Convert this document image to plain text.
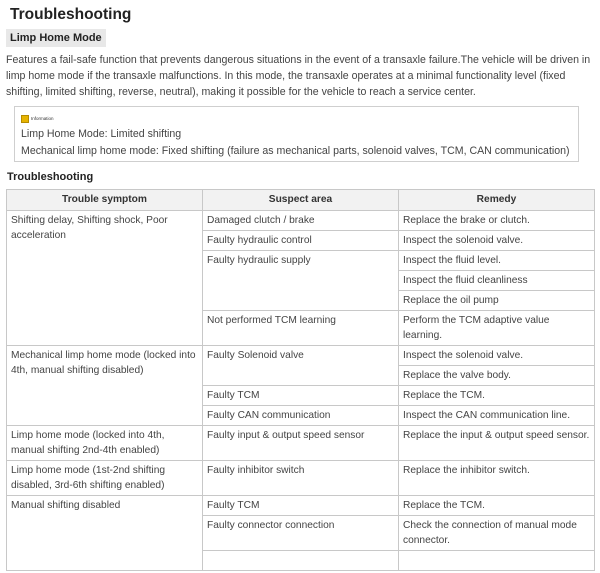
Troubleshooting
Limp Home Mode

Features a fail-safe function that prevents dangerous situations in the event of a transaxle failure.The vehicle will be driven in limp home mode if the transaxle malfunctions. In this mode, the transaxle operates at a minimal functionality level (fixed shifting, limited shifting, reverse, neutral), making it possible for the vehicle to reach a service center.

Information

Limp Home Mode: Limited shifting

Mechanical limp home mode: Fixed shifting (failure as mechanical parts, solenoid valves, TCM, CAN communication)

Troubleshooting
Trouble symptom	Suspect area	Remedy
Shifting delay, Shifting shock, Poor acceleration	Damaged clutch / brake	Replace the brake or clutch.
	Faulty hydraulic control	Inspect the solenoid valve.
	Faulty hydraulic supply	Inspect the fluid level.
		Inspect the fluid cleanliness
		Replace the oil pump
	Not performed TCM learning	Perform the TCM adaptive value learning.
Mechanical limp home mode (locked into 4th, manual shifting disabled)	Faulty Solenoid valve	Inspect the solenoid valve.
		Replace the valve body.
	Faulty TCM	Replace the TCM.
	Faulty CAN communication	Inspect the CAN communication line.
Limp home mode (locked into 4th, manual shifting 2nd-4th enabled)	Faulty input & output speed sensor	Replace the input & output speed sensor.
Limp home mode (1st-2nd shifting disabled, 3rd-6th shifting enabled)	Faulty inhibitor switch	Replace the inhibitor switch.
Manual shifting disabled	Faulty TCM	Replace the TCM.
	Faulty connector connection	Check the connection of manual mode connector.
